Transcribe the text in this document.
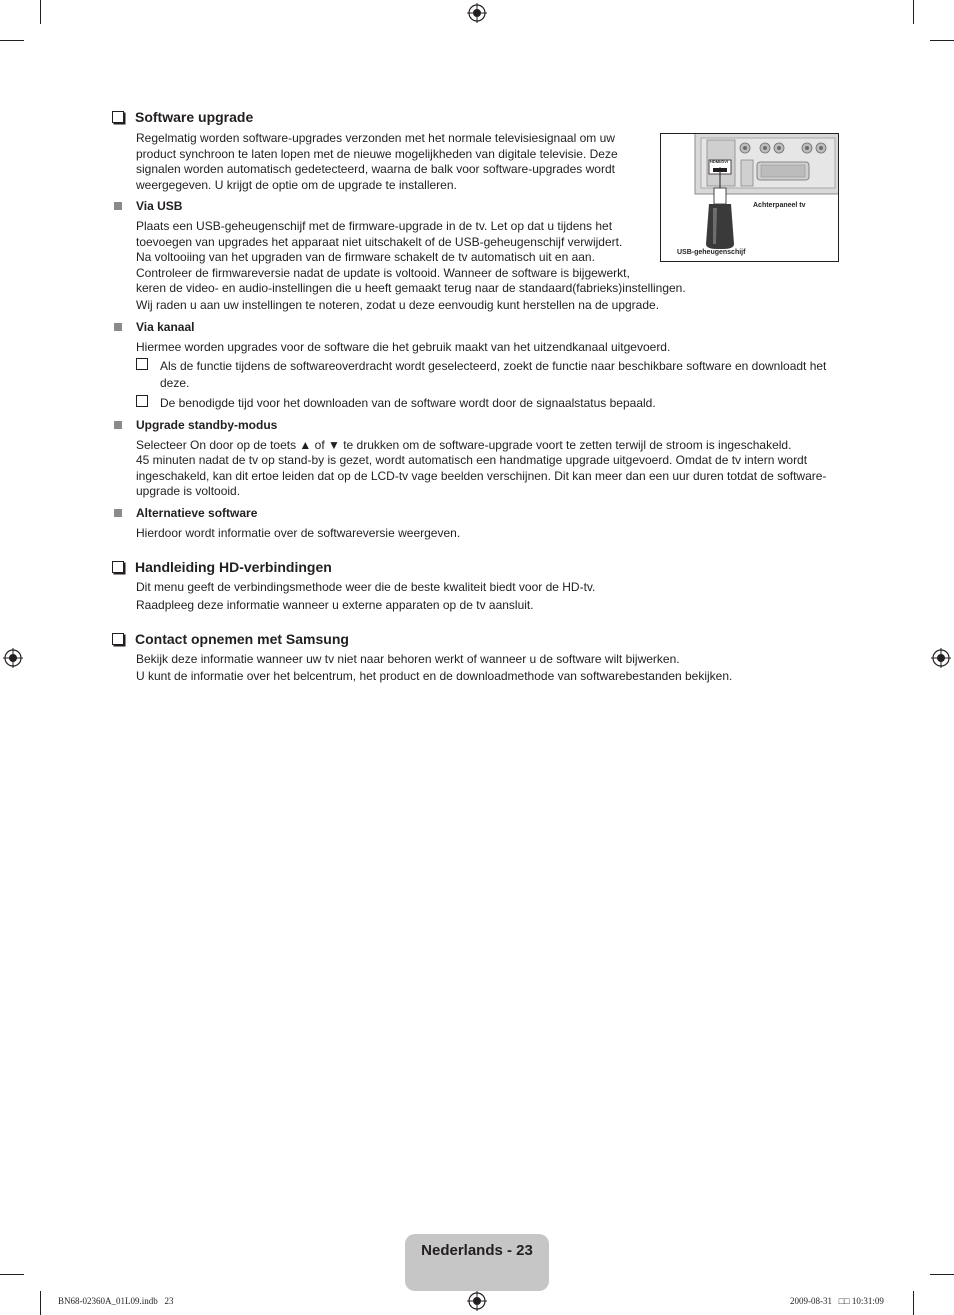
Software upgrade
Regelmatig worden software-upgrades verzonden met het normale televisiesignaal om uw product synchroon te laten lopen met de nieuwe mogelijkheden van digitale televisie. Deze signalen worden automatisch gedetecteerd, waarna de balk voor software-upgrades wordt weergegeven. U krijgt de optie om de upgrade te installeren.
Via USB
Plaats een USB-geheugenschijf met de firmware-upgrade in de tv. Let op dat u tijdens het
toevoegen van upgrades het apparaat niet uitschakelt of de USB-geheugenschijf verwijdert.
Na voltooiing van het upgraden van de firmware schakelt de tv automatisch uit en aan.
Controleer de firmwareversie nadat de update is voltooid. Wanneer de software is bijgewerkt,
keren de video- en audio-instellingen die u heeft gemaakt terug naar de standaard(fabrieks)instellingen.
Wij raden u aan uw instellingen te noteren, zodat u deze eenvoudig kunt herstellen na de upgrade.
HDMI/DVI
Achterpaneel tv
USB-geheugenschijf
Via kanaal
Hiermee worden upgrades voor de software die het gebruik maakt van het uitzendkanaal uitgevoerd.
Als de functie tijdens de softwareoverdracht wordt geselecteerd, zoekt de functie naar beschikbare software en downloadt het deze.
De benodigde tijd voor het downloaden van de software wordt door de signaalstatus bepaald.
Upgrade standby-modus
Selecteer On door op de toets ▲ of ▼ te drukken om de software-upgrade voort te zetten terwijl de stroom is ingeschakeld.
45 minuten nadat de tv op stand-by is gezet, wordt automatisch een handmatige upgrade uitgevoerd. Omdat de tv intern wordt ingeschakeld, kan dit ertoe leiden dat op de LCD-tv vage beelden verschijnen. Dit kan meer dan een uur duren totdat de software-upgrade is voltooid.
Alternatieve software
Hierdoor wordt informatie over de softwareversie weergeven.
Handleiding HD-verbindingen
Dit menu geeft de verbindingsmethode weer die de beste kwaliteit biedt voor de HD-tv.
Raadpleeg deze informatie wanneer u externe apparaten op de tv aansluit.
Contact opnemen met Samsung
Bekijk deze informatie wanneer uw tv niet naar behoren werkt of wanneer u de software wilt bijwerken.
U kunt de informatie over het belcentrum, het product en de downloadmethode van softwarebestanden bekijken.
Nederlands - 23
BN68-02360A_01L09.indb   23	2009-08-31   □□ 10:31:09
